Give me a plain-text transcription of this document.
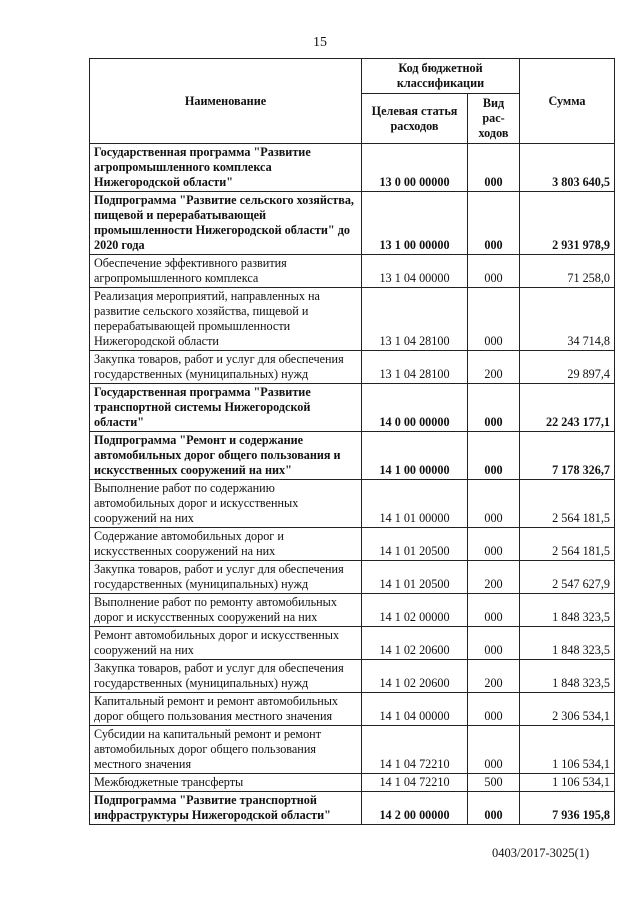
15
Наименование	Код бюджетной классификации		Сумма
	Целевая статья расходов	Вид рас-ходов	
Государственная программа "Развитие агропромышленного комплекса Нижегородской области"	13 0 00 00000	000	3 803 640,5
Подпрограмма "Развитие сельского хозяйства, пищевой и перерабатывающей промышленности Нижегородской области" до 2020 года	13 1 00 00000	000	2 931 978,9
Обеспечение эффективного развития агропромышленного комплекса	13 1 04 00000	000	71 258,0
Реализация мероприятий, направленных на развитие сельского хозяйства, пищевой и перерабатывающей промышленности Нижегородской области	13 1 04 28100	000	34 714,8
Закупка товаров, работ и услуг для обеспечения государственных (муниципальных) нужд	13 1 04 28100	200	29 897,4
Государственная программа "Развитие транспортной системы Нижегородской области"	14 0 00 00000	000	22 243 177,1
Подпрограмма "Ремонт и содержание автомобильных дорог общего пользования и искусственных сооружений на них"	14 1 00 00000	000	7 178 326,7
Выполнение работ по содержанию автомобильных дорог и искусственных сооружений на них	14 1 01 00000	000	2 564 181,5
Содержание автомобильных дорог и искусственных сооружений на них	14 1 01 20500	000	2 564 181,5
Закупка товаров, работ и услуг для обеспечения государственных (муниципальных) нужд	14 1 01 20500	200	2 547 627,9
Выполнение работ по ремонту автомобильных дорог и искусственных сооружений на них	14 1 02 00000	000	1 848 323,5
Ремонт автомобильных дорог и искусственных сооружений на них	14 1 02 20600	000	1 848 323,5
Закупка товаров, работ и услуг для обеспечения государственных (муниципальных) нужд	14 1 02 20600	200	1 848 323,5
Капитальный ремонт и ремонт автомобильных дорог общего пользования местного значения	14 1 04 00000	000	2 306 534,1
Субсидии на капитальный ремонт и ремонт автомобильных дорог общего пользования местного значения	14 1 04 72210	000	1 106 534,1
Межбюджетные трансферты	14 1 04 72210	500	1 106 534,1
Подпрограмма "Развитие транспортной инфраструктуры Нижегородской области"	14 2 00 00000	000	7 936 195,8
0403/2017-3025(1)
